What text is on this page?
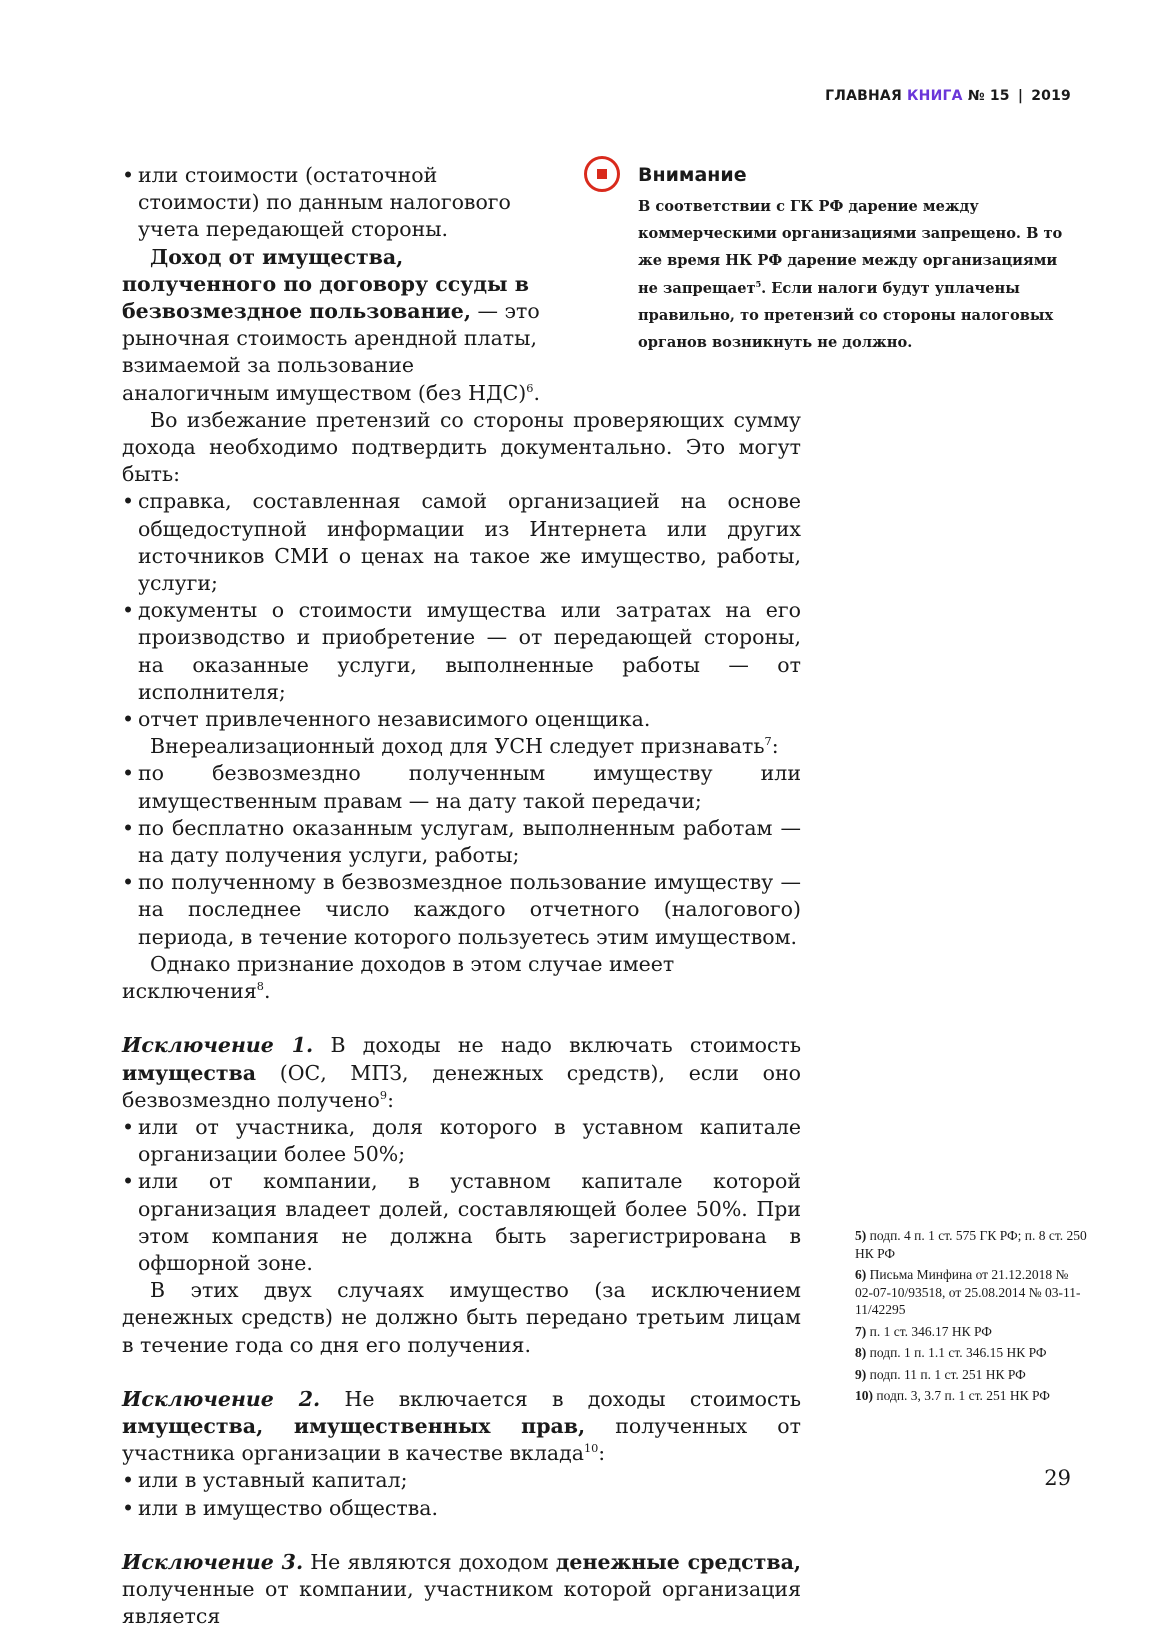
ГЛАВНАЯ КНИГА № 15 | 2019
Внимание
В соответствии с ГК РФ дарение между коммерческими организациями запрещено. В то же время НК РФ дарение между организациями не запрещает$^5$. Если налоги будут уплачены правильно, то претензий со стороны налоговых органов возникнуть не должно.

• или стоимости (остаточной стоимости) по данным налогового учета передающей стороны.

Доход от имущества, полученного по договору ссуды в безвозмездное пользование, — это рыночная стоимость арендной платы, взимаемой за пользование аналогичным имуществом (без НДС)$^6$.

Во избежание претензий со стороны проверяющих сумму дохода необходимо подтвердить документально. Это могут быть:

• справка, составленная самой организацией на основе общедоступной информации из Интернета или других источников СМИ о ценах на такое же имущество, работы, услуги;

• документы о стоимости имущества или затратах на его производство и приобретение — от передающей стороны, на оказанные услуги, выполненные работы — от исполнителя;

• отчет привлеченного независимого оценщика.

Внереализационный доход для УСН следует признавать$^7$:

• по безвозмездно полученным имуществу или имущественным правам — на дату такой передачи;

• по бесплатно оказанным услугам, выполненным работам — на дату получения услуги, работы;

• по полученному в безвозмездное пользование имуществу — на последнее число каждого отчетного (налогового) периода, в течение которого пользуетесь этим имуществом.

Однако признание доходов в этом случае имеет исключения$^8$.

Исключение 1. В доходы не надо включать стоимость имущества (ОС, МПЗ, денежных средств), если оно безвозмездно получено$^9$:

• или от участника, доля которого в уставном капитале организации более 50%;

• или от компании, в уставном капитале которой организация владеет долей, составляющей более 50%. При этом компания не должна быть зарегистрирована в офшорной зоне.

В этих двух случаях имущество (за исключением денежных средств) не должно быть передано третьим лицам в течение года со дня его получения.

Исключение 2. Не включается в доходы стоимость имущества, имущественных прав, полученных от участника организации в качестве вклада$^{10}$:

• или в уставный капитал;

• или в имущество общества.

Исключение 3. Не являются доходом денежные средства, полученные от компании, участником которой организация является

5) подп. 4 п. 1 ст. 575 ГК РФ; п. 8 ст. 250 НК РФ
6) Письма Минфина от 21.12.2018 № 02-07-10/93518, от 25.08.2014 № 03-11-11/42295
7) п. 1 ст. 346.17 НК РФ
8) подп. 1 п. 1.1 ст. 346.15 НК РФ
9) подп. 11 п. 1 ст. 251 НК РФ
10) подп. 3, 3.7 п. 1 ст. 251 НК РФ
29
